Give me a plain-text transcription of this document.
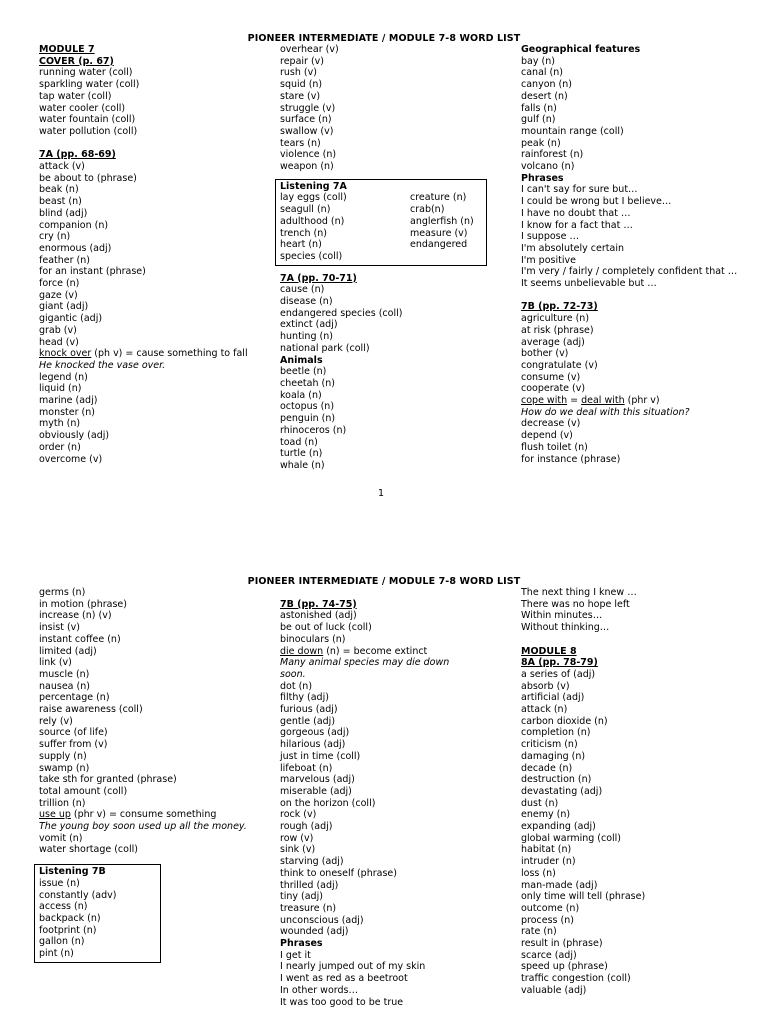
PIONEER INTERMEDIATE / MODULE 7-8 WORD LIST
MODULE 7
COVER (p. 67)
running water (coll)
sparkling water (coll)
tap water (coll)
water cooler (coll)
water fountain (coll)
water pollution (coll)
7A (pp. 68-69)
attack (v)
be about to (phrase)
beak (n)
beast (n)
blind (adj)
companion (n)
cry (n)
enormous (adj)
feather (n)
for an instant (phrase)
force (n)
gaze (v)
giant (adj)
gigantic (adj)
grab (v)
head (v)
knock over (ph v) = cause something to fall
He knocked the vase over.
legend (n)
liquid (n)
marine (adj)
monster (n)
myth (n)
obviously (adj)
order (n)
overcome (v)
overhear (v)
repair (v)
rush (v)
squid (n)
stare (v)
struggle (v)
surface (n)
swallow (v)
tears (n)
violence (n)
weapon (n)
Listening 7A
lay eggs (coll)	creature (n)
seagull (n)	crab(n)
adulthood (n)	anglerfish (n)
trench (n)	measure (v)
heart (n)	endangered
species (coll)
7A (pp. 70-71)
cause (n)
disease (n)
endangered species (coll)
extinct (adj)
hunting (n)
national park (coll)
Animals
beetle (n)
cheetah (n)
koala (n)
octopus (n)
penguin (n)
rhinoceros (n)
toad (n)
turtle (n)
whale (n)
Geographical features
bay (n)
canal (n)
canyon (n)
desert (n)
falls (n)
gulf (n)
mountain range (coll)
peak (n)
rainforest (n)
volcano (n)
Phrases
I can't say for sure but…
I could be wrong but I believe…
I have no doubt that …
I know for a fact that …
I suppose …
I'm absolutely certain
I'm positive
I'm very / fairly / completely confident that …
It seems unbelievable but …
7B (pp. 72-73)
agriculture (n)
at risk (phrase)
average (adj)
bother (v)
congratulate (v)
consume (v)
cooperate (v)
cope with = deal with (phr v)
How do we deal with this situation?
decrease (v)
depend (v)
flush toilet (n)
for instance (phrase)
1
PIONEER INTERMEDIATE / MODULE 7-8 WORD LIST
germs (n)
in motion (phrase)
increase (n) (v)
insist (v)
instant coffee (n)
limited (adj)
link (v)
muscle (n)
nausea (n)
percentage (n)
raise awareness (coll)
rely (v)
source (of life)
suffer from (v)
supply (n)
swamp (n)
take sth for granted (phrase)
total amount (coll)
trillion (n)
use up (phr v) = consume something
The young boy soon used up all the money.
vomit (n)
water shortage (coll)
Listening 7B
issue (n)
constantly (adv)
access (n)
backpack (n)
footprint (n)
gallon (n)
pint (n)
7B (pp. 74-75)
astonished (adj)
be out of luck (coll)
binoculars (n)
die down (n) = become extinct
Many animal species may die down soon.
dot (n)
filthy (adj)
furious (adj)
gentle (adj)
gorgeous (adj)
hilarious (adj)
just in time (coll)
lifeboat (n)
marvelous (adj)
miserable (adj)
on the horizon (coll)
rock (v)
rough (adj)
row (v)
sink (v)
starving (adj)
think to oneself (phrase)
thrilled (adj)
tiny (adj)
treasure (n)
unconscious (adj)
wounded (adj)
Phrases
I get it
I nearly jumped out of my skin
I went as red as a beetroot
In other words…
It was too good to be true
The next thing I knew …
There was no hope left
Within minutes…
Without thinking…
MODULE 8
8A (pp. 78-79)
a series of (adj)
absorb (v)
artificial (adj)
attack (n)
carbon dioxide (n)
completion (n)
criticism (n)
damaging (n)
decade (n)
destruction (n)
devastating (adj)
dust (n)
enemy (n)
expanding (adj)
global warming (coll)
habitat (n)
intruder (n)
loss (n)
man-made (adj)
only time will tell (phrase)
outcome (n)
process (n)
rate (n)
result in (phrase)
scarce (adj)
speed up (phrase)
traffic congestion (coll)
valuable (adj)
